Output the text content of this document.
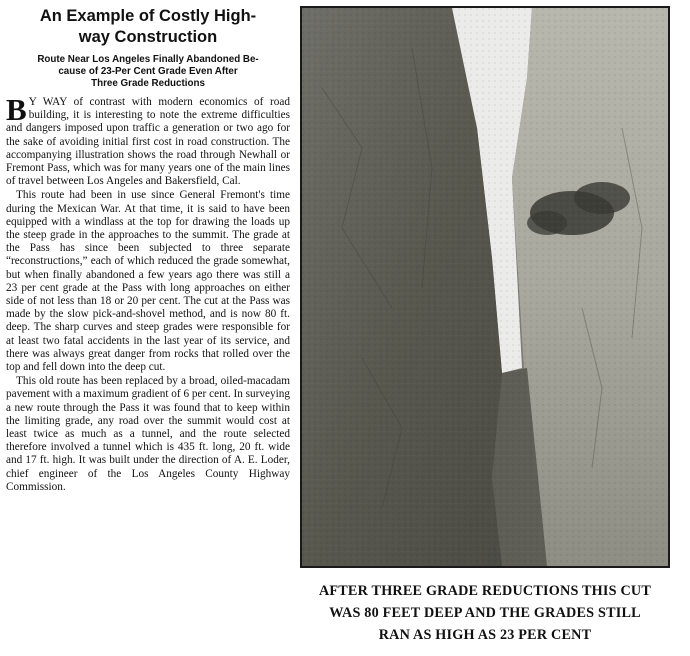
An Example of Costly High-
way Construction
Route Near Los Angeles Finally Abandoned Be-
cause of 23-Per Cent Grade Even After
Three Grade Reductions

B Y WAY of contrast with modern economics of road building, it is interesting to note the extreme difficulties and dangers imposed upon traffic a generation or two ago for the sake of avoiding initial first cost in road construction. The accompanying illustration shows the road through Newhall or Fremont Pass, which was for many years one of the main lines of travel between Los Angeles and Bakersfield, Cal.

This route had been in use since General Fremont's time during the Mexican War. At that time, it is said to have been equipped with a windlass at the top for drawing the loads up the steep grade in the approaches to the summit. The grade at the Pass has since been subjected to three separate “reconstructions,” each of which reduced the grade somewhat, but when finally abandoned a few years ago there was still a 23 per cent grade at the Pass with long approaches on either side of not less than 18 or 20 per cent. The cut at the Pass was made by the slow pick-and-shovel method, and is now 80 ft. deep. The sharp curves and steep grades were responsible for at least two fatal accidents in the last year of its service, and there was always great danger from rocks that rolled over the top and fell down into the deep cut.

This old route has been replaced by a broad, oiled-macadam pavement with a maximum gradient of 6 per cent. In surveying a new route through the Pass it was found that to keep within the limiting grade, any road over the summit would cost at least twice as much as a tunnel, and the route selected therefore involved a tunnel which is 435 ft. long, 20 ft. wide and 17 ft. high. It was built under the direction of A. E. Loder, chief engineer of the Los Angeles County Highway Commission.

AFTER THREE GRADE REDUCTIONS THIS CUT
WAS 80 FEET DEEP AND THE GRADES STILL
RAN AS HIGH AS 23 PER CENT
